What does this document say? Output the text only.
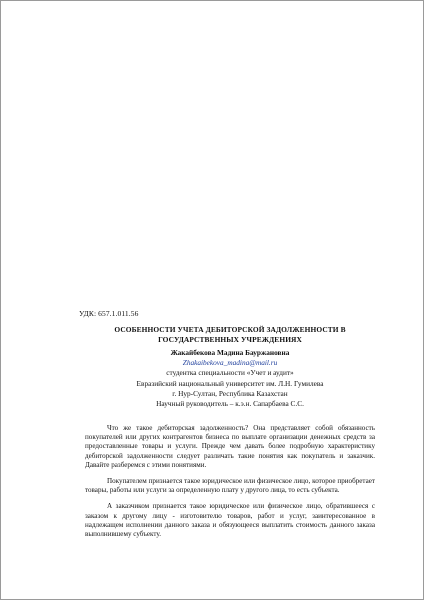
УДК: 657.1.011.56
ОСОБЕННОСТИ УЧЕТА ДЕБИТОРСКОЙ ЗАДОЛЖЕННОСТИ В ГОСУДАРСТВЕННЫХ УЧРЕЖДЕНИЯХ
Жакайбекова Мадина Бауржановна
Zhakaibekova_madina@mail.ru
студентка специальности «Учет и аудит»
Евразийский национальный университет им. Л.Н. Гумилева
г. Нур-Султан, Республика Казахстан
Научный руководитель – к.э.н. Сапарбаева С.С.

Что же такое дебиторская задолженность? Она представляет собой обязанность покупателей или других контрагентов бизнеса по выплате организации денежных средств за предоставленные товары и услуги. Прежде чем давать более подробную характеристику дебиторской задолженности следует различать такие понятия как покупатель и заказчик. Давайте разберемся с этими понятиями.

Покупателем признается такое юридическое или физическое лицо, которое приобретает товары, работы или услуги за определенную плату у другого лица, то есть субъекта.

А заказчиком признается такое юридическое или физическое лицо, обратившееся с заказом к другому лицу - изготовителю товаров, работ и услуг, заинтересованное в надлежащем исполнении данного заказа и обязующееся выплатить стоимость данного заказа выполнившему субъекту.
